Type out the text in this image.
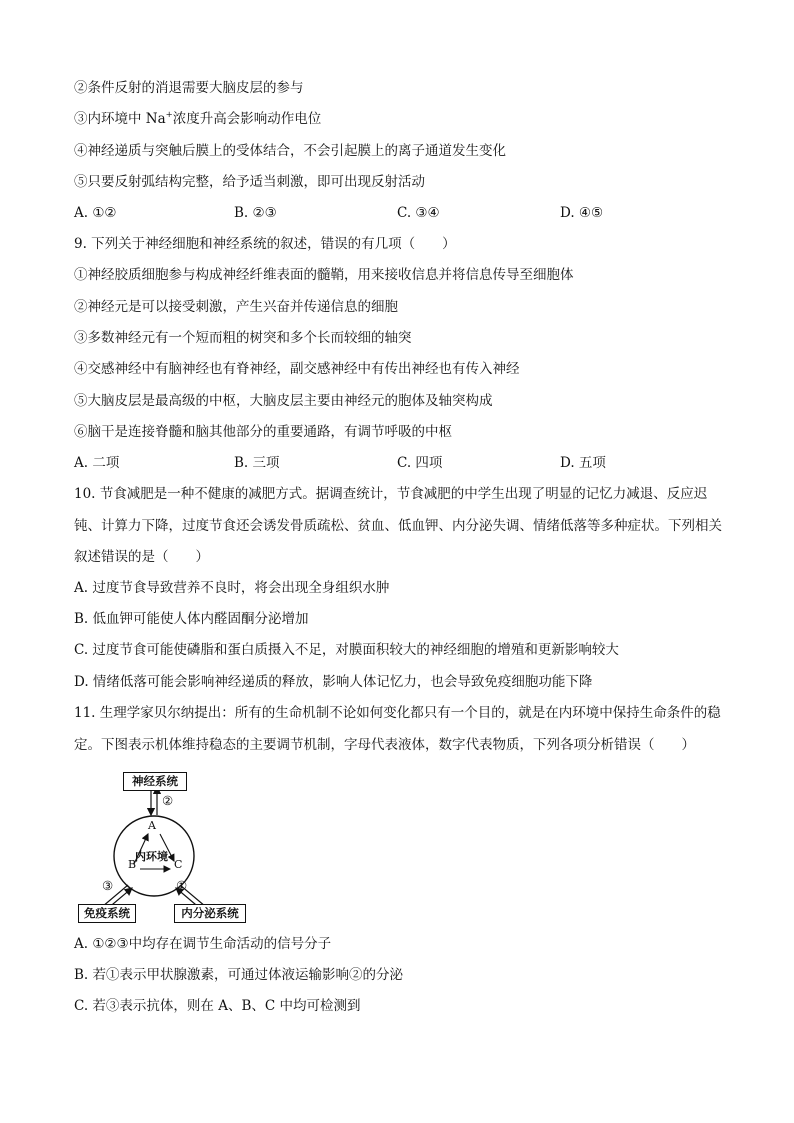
②条件反射的消退需要大脑皮层的参与
③内环境中 Na+浓度升高会影响动作电位
④神经递质与突触后膜上的受体结合，不会引起膜上的离子通道发生变化
⑤只要反射弧结构完整，给予适当刺激，即可出现反射活动
A. ①②	B. ②③	C. ③④	D. ④⑤
9. 下列关于神经细胞和神经系统的叙述，错误的有几项（　　）
①神经胶质细胞参与构成神经纤维表面的髓鞘，用来接收信息并将信息传导至细胞体
②神经元是可以接受刺激，产生兴奋并传递信息的细胞
③多数神经元有一个短而粗的树突和多个长而较细的轴突
④交感神经中有脑神经也有脊神经，副交感神经中有传出神经也有传入神经
⑤大脑皮层是最高级的中枢，大脑皮层主要由神经元的胞体及轴突构成
⑥脑干是连接脊髓和脑其他部分的重要通路，有调节呼吸的中枢
A. 二项	B. 三项	C. 四项	D. 五项
10. 节食减肥是一种不健康的减肥方式。据调查统计，节食减肥的中学生出现了明显的记忆力减退、反应迟钝、计算力下降，过度节食还会诱发骨质疏松、贫血、低血钾、内分泌失调、情绪低落等多种症状。下列相关叙述错误的是（　　）
A. 过度节食导致营养不良时，将会出现全身组织水肿
B. 低血钾可能使人体内醛固酮分泌增加
C. 过度节食可能使磷脂和蛋白质摄入不足，对膜面积较大的神经细胞的增殖和更新影响较大
D. 情绪低落可能会影响神经递质的释放，影响人体记忆力，也会导致免疫细胞功能下降
11. 生理学家贝尔纳提出：所有的生命机制不论如何变化都只有一个目的，就是在内环境中保持生命条件的稳定。下图表示机体维持稳态的主要调节机制，字母代表液体，数字代表物质，下列各项分析错误（　　）
神经系统
免疫系统	内分泌系统
②
③	①
A
B	C
内环境
A. ①②③中均存在调节生命活动的信号分子
B. 若①表示甲状腺激素，可通过体液运输影响②的分泌
C. 若③表示抗体，则在 A、B、C 中均可检测到
